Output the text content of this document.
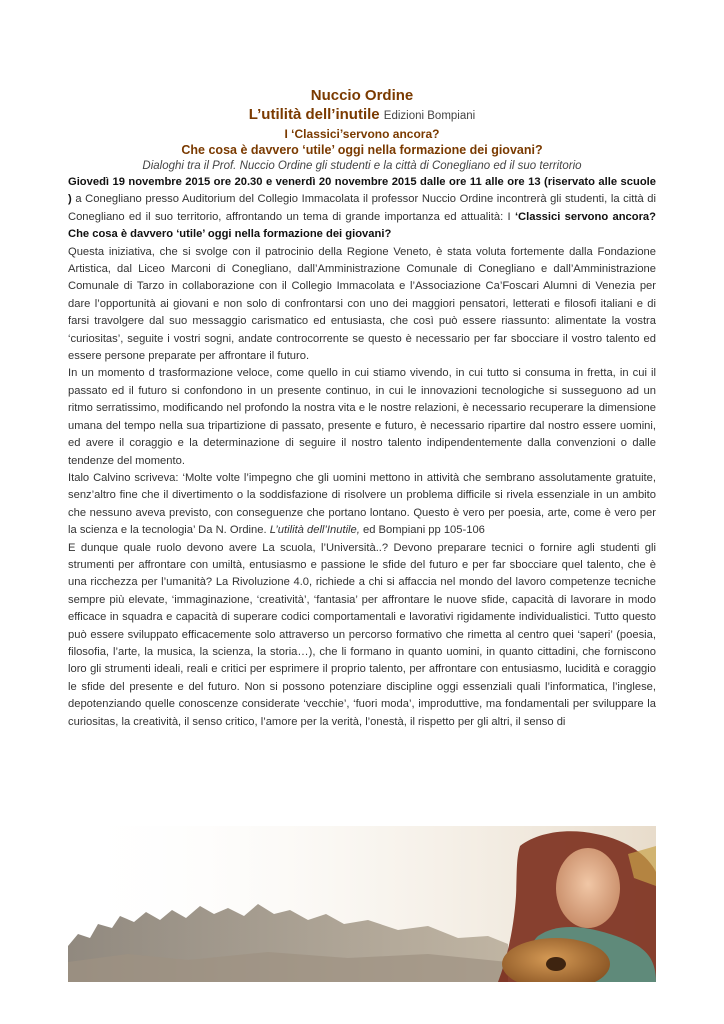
Nuccio Ordine

L’utilità dell’inutile Edizioni Bompiani

I ‘Classici’servono ancora?

Che cosa è davvero ‘utile’ oggi nella formazione dei giovani?

Dialoghi tra il Prof. Nuccio Ordine gli studenti e la città di Conegliano ed il suo territorio

Giovedì 19 novembre 2015 ore 20.30 e venerdì 20 novembre 2015 dalle ore 11 alle ore 13 (riservato alle scuole ) a Conegliano presso Auditorium del Collegio Immacolata il professor Nuccio Ordine incontrerà gli studenti, la città di Conegliano ed il suo territorio, affrontando un tema di grande importanza ed attualità: I ‘Classici servono ancora? Che cosa è davvero ‘utile’ oggi nella formazione dei giovani?

Questa iniziativa, che si svolge con il patrocinio della Regione Veneto, è stata voluta fortemente dalla Fondazione Artistica, dal Liceo Marconi di Conegliano, dall’Amministrazione Comunale di Conegliano e dall’Amministrazione Comunale di Tarzo in collaborazione con il Collegio Immacolata e l’Associazione Ca’Foscari Alumni di Venezia per dare l’opportunità ai giovani e non solo di confrontarsi con uno dei maggiori pensatori, letterati e filosofi italiani e di farsi travolgere dal suo messaggio carismatico ed entusiasta, che così può essere riassunto: alimentate la vostra ‘curiositas’, seguite i vostri sogni, andate controcorrente se questo è necessario per far sbocciare il vostro talento ed essere persone preparate per affrontare il futuro.

In un momento d trasformazione veloce, come quello in cui stiamo vivendo, in cui tutto si consuma in fretta, in cui il passato ed il futuro si confondono in un presente continuo, in cui le innovazioni tecnologiche si susseguono ad un ritmo serratissimo, modificando nel profondo la nostra vita e le nostre relazioni, è necessario recuperare la dimensione umana del tempo nella sua tripartizione di passato, presente e futuro, è necessario ripartire dal nostro essere uomini, ed avere il coraggio e la determinazione di seguire il nostro talento indipendentemente dalla convenzioni o dalle tendenze del momento.

Italo Calvino scriveva: ‘Molte volte l’impegno che gli uomini mettono in attività che sembrano assolutamente gratuite, senz’altro fine che il divertimento o la soddisfazione di risolvere un problema difficile si rivela essenziale in un ambito che nessuno aveva previsto, con conseguenze che portano lontano. Questo è vero per poesia, arte, come è vero per la scienza e la tecnologia’ Da N. Ordine. L’utilità dell’Inutile, ed Bompiani pp 105-106

E dunque quale ruolo devono avere La scuola, l’Università..? Devono preparare tecnici o fornire agli studenti gli strumenti per affrontare con umiltà, entusiasmo e passione le sfide del futuro e per far sbocciare quel talento, che è una ricchezza per l’umanità? La Rivoluzione 4.0, richiede a chi si affaccia nel mondo del lavoro competenze tecniche sempre più elevate, ‘immaginazione, ‘creatività’, ‘fantasia’ per affrontare le nuove sfide, capacità di lavorare in modo efficace in squadra e capacità di superare codici comportamentali e lavorativi rigidamente individualistici. Tutto questo può essere sviluppato efficacemente solo attraverso un percorso formativo che rimetta al centro quei ‘saperi’ (poesia, filosofia, l’arte, la musica, la scienza, la storia…), che li formano in quanto uomini, in quanto cittadini, che forniscono loro gli strumenti ideali, reali e critici per esprimere il proprio talento, per affrontare con entusiasmo, lucidità e coraggio le sfide del presente e del futuro. Non si possono potenziare discipline oggi essenziali quali l’informatica, l’inglese, depotenziando quelle conoscenze considerate ‘vecchie’, ‘fuori moda’, improduttive, ma fondamentali per sviluppare la curiositas, la creatività, il senso critico, l’amore per la verità, l’onestà, il rispetto per gli altri, il senso di
